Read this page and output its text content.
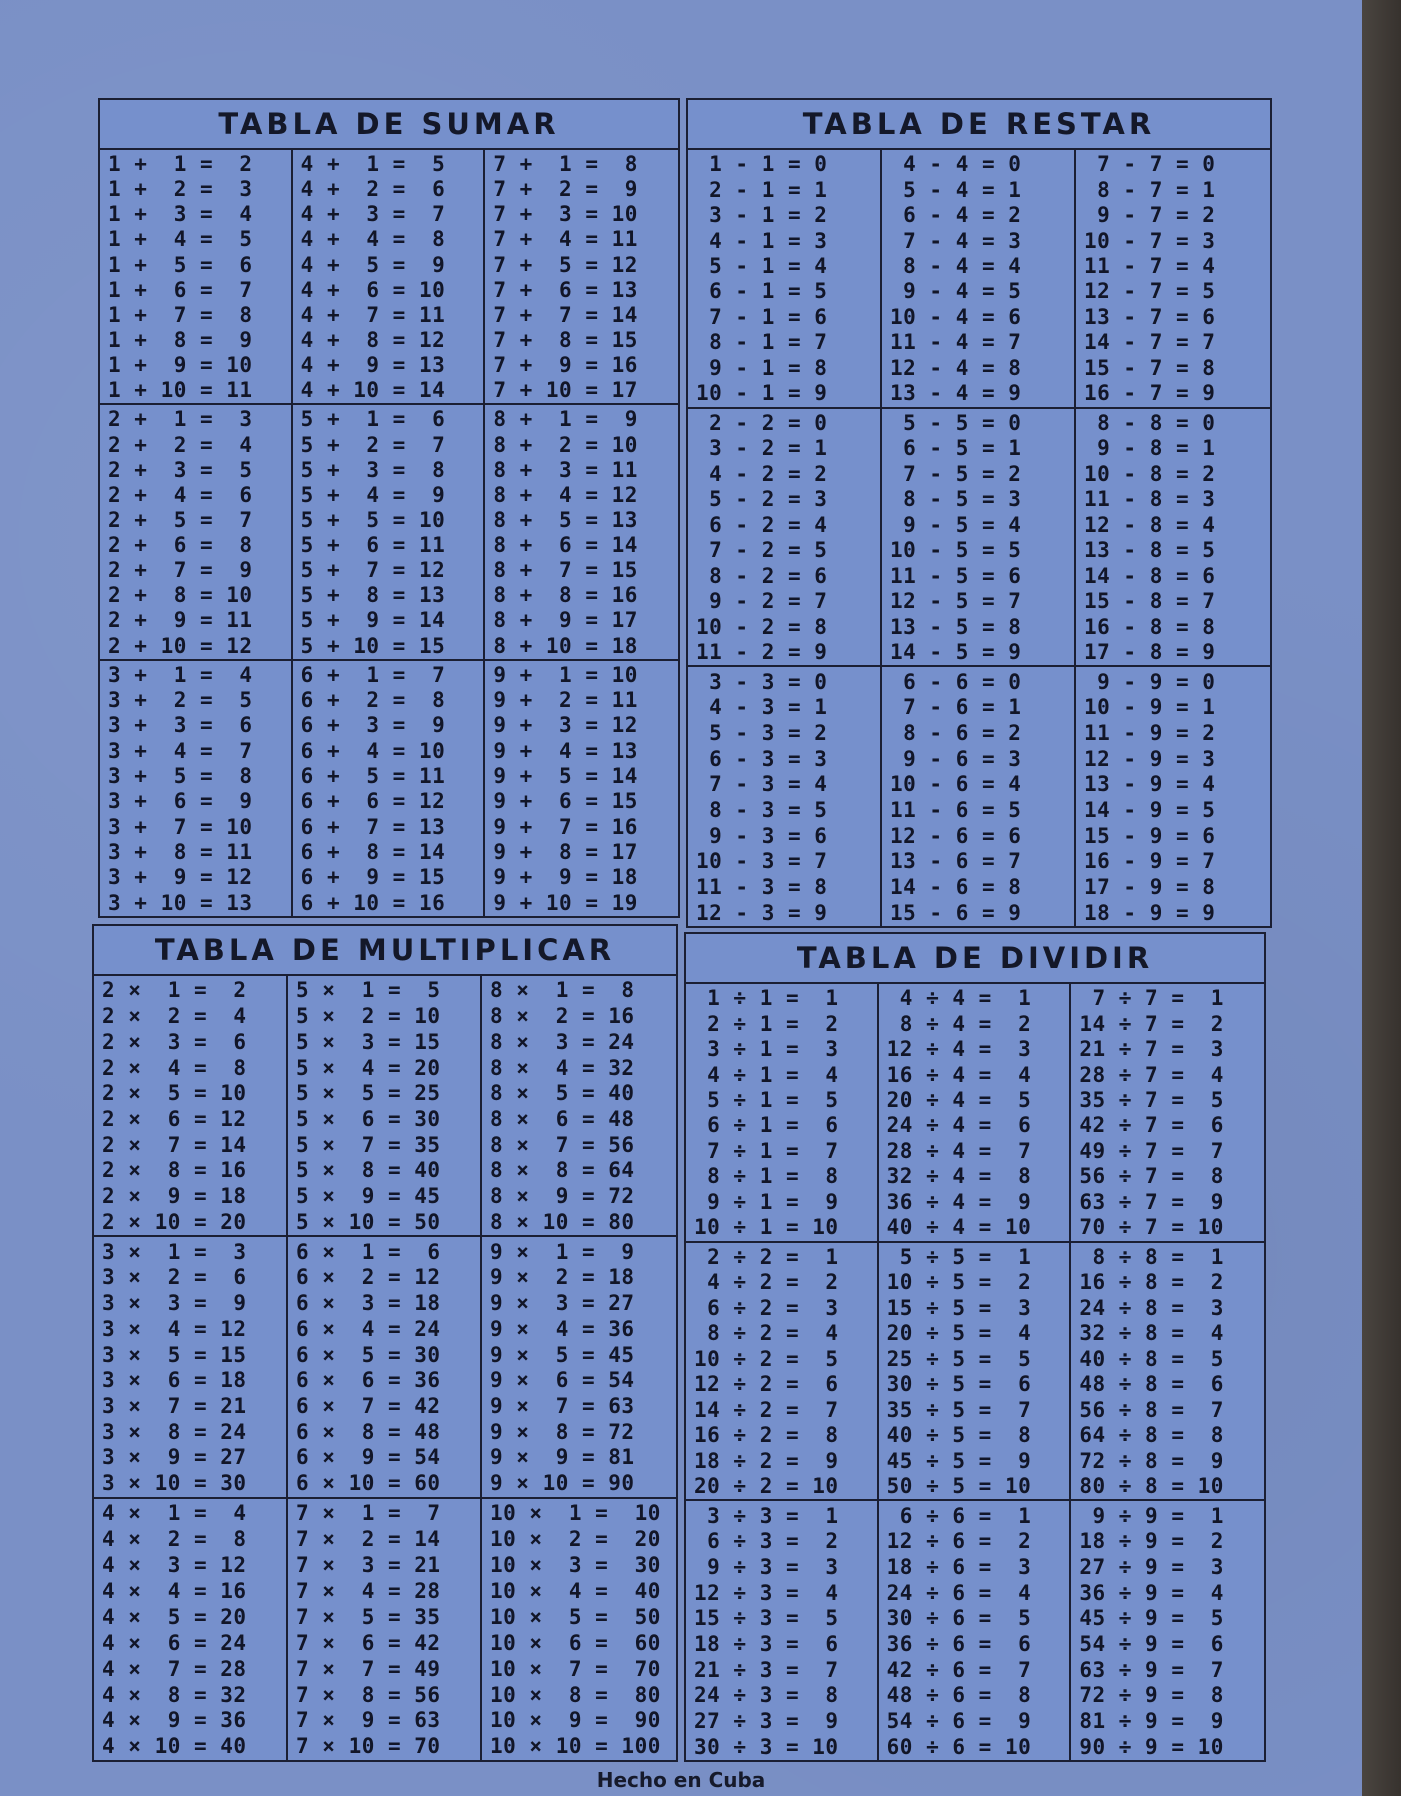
TABLA DE SUMAR
1 +  1 =  2
1 +  2 =  3
1 +  3 =  4
1 +  4 =  5
1 +  5 =  6
1 +  6 =  7
1 +  7 =  8
1 +  8 =  9
1 +  9 = 10
1 + 10 = 11
4 +  1 =  5
4 +  2 =  6
4 +  3 =  7
4 +  4 =  8
4 +  5 =  9
4 +  6 = 10
4 +  7 = 11
4 +  8 = 12
4 +  9 = 13
4 + 10 = 14
7 +  1 =  8
7 +  2 =  9
7 +  3 = 10
7 +  4 = 11
7 +  5 = 12
7 +  6 = 13
7 +  7 = 14
7 +  8 = 15
7 +  9 = 16
7 + 10 = 17
2 +  1 =  3
2 +  2 =  4
2 +  3 =  5
2 +  4 =  6
2 +  5 =  7
2 +  6 =  8
2 +  7 =  9
2 +  8 = 10
2 +  9 = 11
2 + 10 = 12
5 +  1 =  6
5 +  2 =  7
5 +  3 =  8
5 +  4 =  9
5 +  5 = 10
5 +  6 = 11
5 +  7 = 12
5 +  8 = 13
5 +  9 = 14
5 + 10 = 15
8 +  1 =  9
8 +  2 = 10
8 +  3 = 11
8 +  4 = 12
8 +  5 = 13
8 +  6 = 14
8 +  7 = 15
8 +  8 = 16
8 +  9 = 17
8 + 10 = 18
3 +  1 =  4
3 +  2 =  5
3 +  3 =  6
3 +  4 =  7
3 +  5 =  8
3 +  6 =  9
3 +  7 = 10
3 +  8 = 11
3 +  9 = 12
3 + 10 = 13
6 +  1 =  7
6 +  2 =  8
6 +  3 =  9
6 +  4 = 10
6 +  5 = 11
6 +  6 = 12
6 +  7 = 13
6 +  8 = 14
6 +  9 = 15
6 + 10 = 16
9 +  1 = 10
9 +  2 = 11
9 +  3 = 12
9 +  4 = 13
9 +  5 = 14
9 +  6 = 15
9 +  7 = 16
9 +  8 = 17
9 +  9 = 18
9 + 10 = 19
TABLA DE RESTAR
1 - 1 = 0
2 - 1 = 1
3 - 1 = 2
4 - 1 = 3
5 - 1 = 4
6 - 1 = 5
7 - 1 = 6
8 - 1 = 7
9 - 1 = 8
10 - 1 = 9
4 - 4 = 0
5 - 4 = 1
6 - 4 = 2
7 - 4 = 3
8 - 4 = 4
9 - 4 = 5
10 - 4 = 6
11 - 4 = 7
12 - 4 = 8
13 - 4 = 9
7 - 7 = 0
8 - 7 = 1
9 - 7 = 2
10 - 7 = 3
11 - 7 = 4
12 - 7 = 5
13 - 7 = 6
14 - 7 = 7
15 - 7 = 8
16 - 7 = 9
2 - 2 = 0
3 - 2 = 1
4 - 2 = 2
5 - 2 = 3
6 - 2 = 4
7 - 2 = 5
8 - 2 = 6
9 - 2 = 7
10 - 2 = 8
11 - 2 = 9
5 - 5 = 0
6 - 5 = 1
7 - 5 = 2
8 - 5 = 3
9 - 5 = 4
10 - 5 = 5
11 - 5 = 6
12 - 5 = 7
13 - 5 = 8
14 - 5 = 9
8 - 8 = 0
9 - 8 = 1
10 - 8 = 2
11 - 8 = 3
12 - 8 = 4
13 - 8 = 5
14 - 8 = 6
15 - 8 = 7
16 - 8 = 8
17 - 8 = 9
3 - 3 = 0
4 - 3 = 1
5 - 3 = 2
6 - 3 = 3
7 - 3 = 4
8 - 3 = 5
9 - 3 = 6
10 - 3 = 7
11 - 3 = 8
12 - 3 = 9
6 - 6 = 0
7 - 6 = 1
8 - 6 = 2
9 - 6 = 3
10 - 6 = 4
11 - 6 = 5
12 - 6 = 6
13 - 6 = 7
14 - 6 = 8
15 - 6 = 9
9 - 9 = 0
10 - 9 = 1
11 - 9 = 2
12 - 9 = 3
13 - 9 = 4
14 - 9 = 5
15 - 9 = 6
16 - 9 = 7
17 - 9 = 8
18 - 9 = 9
TABLA DE MULTIPLICAR
2 ×  1 =  2
2 ×  2 =  4
2 ×  3 =  6
2 ×  4 =  8
2 ×  5 = 10
2 ×  6 = 12
2 ×  7 = 14
2 ×  8 = 16
2 ×  9 = 18
2 × 10 = 20
5 ×  1 =  5
5 ×  2 = 10
5 ×  3 = 15
5 ×  4 = 20
5 ×  5 = 25
5 ×  6 = 30
5 ×  7 = 35
5 ×  8 = 40
5 ×  9 = 45
5 × 10 = 50
8 ×  1 =  8
8 ×  2 = 16
8 ×  3 = 24
8 ×  4 = 32
8 ×  5 = 40
8 ×  6 = 48
8 ×  7 = 56
8 ×  8 = 64
8 ×  9 = 72
8 × 10 = 80
3 ×  1 =  3
3 ×  2 =  6
3 ×  3 =  9
3 ×  4 = 12
3 ×  5 = 15
3 ×  6 = 18
3 ×  7 = 21
3 ×  8 = 24
3 ×  9 = 27
3 × 10 = 30
6 ×  1 =  6
6 ×  2 = 12
6 ×  3 = 18
6 ×  4 = 24
6 ×  5 = 30
6 ×  6 = 36
6 ×  7 = 42
6 ×  8 = 48
6 ×  9 = 54
6 × 10 = 60
9 ×  1 =  9
9 ×  2 = 18
9 ×  3 = 27
9 ×  4 = 36
9 ×  5 = 45
9 ×  6 = 54
9 ×  7 = 63
9 ×  8 = 72
9 ×  9 = 81
9 × 10 = 90
4 ×  1 =  4
4 ×  2 =  8
4 ×  3 = 12
4 ×  4 = 16
4 ×  5 = 20
4 ×  6 = 24
4 ×  7 = 28
4 ×  8 = 32
4 ×  9 = 36
4 × 10 = 40
7 ×  1 =  7
7 ×  2 = 14
7 ×  3 = 21
7 ×  4 = 28
7 ×  5 = 35
7 ×  6 = 42
7 ×  7 = 49
7 ×  8 = 56
7 ×  9 = 63
7 × 10 = 70
10 ×  1 =  10
10 ×  2 =  20
10 ×  3 =  30
10 ×  4 =  40
10 ×  5 =  50
10 ×  6 =  60
10 ×  7 =  70
10 ×  8 =  80
10 ×  9 =  90
10 × 10 = 100
TABLA DE DIVIDIR
1 ÷ 1 =  1
2 ÷ 1 =  2
3 ÷ 1 =  3
4 ÷ 1 =  4
5 ÷ 1 =  5
6 ÷ 1 =  6
7 ÷ 1 =  7
8 ÷ 1 =  8
9 ÷ 1 =  9
10 ÷ 1 = 10
4 ÷ 4 =  1
8 ÷ 4 =  2
12 ÷ 4 =  3
16 ÷ 4 =  4
20 ÷ 4 =  5
24 ÷ 4 =  6
28 ÷ 4 =  7
32 ÷ 4 =  8
36 ÷ 4 =  9
40 ÷ 4 = 10
7 ÷ 7 =  1
14 ÷ 7 =  2
21 ÷ 7 =  3
28 ÷ 7 =  4
35 ÷ 7 =  5
42 ÷ 7 =  6
49 ÷ 7 =  7
56 ÷ 7 =  8
63 ÷ 7 =  9
70 ÷ 7 = 10
2 ÷ 2 =  1
4 ÷ 2 =  2
6 ÷ 2 =  3
8 ÷ 2 =  4
10 ÷ 2 =  5
12 ÷ 2 =  6
14 ÷ 2 =  7
16 ÷ 2 =  8
18 ÷ 2 =  9
20 ÷ 2 = 10
5 ÷ 5 =  1
10 ÷ 5 =  2
15 ÷ 5 =  3
20 ÷ 5 =  4
25 ÷ 5 =  5
30 ÷ 5 =  6
35 ÷ 5 =  7
40 ÷ 5 =  8
45 ÷ 5 =  9
50 ÷ 5 = 10
8 ÷ 8 =  1
16 ÷ 8 =  2
24 ÷ 8 =  3
32 ÷ 8 =  4
40 ÷ 8 =  5
48 ÷ 8 =  6
56 ÷ 8 =  7
64 ÷ 8 =  8
72 ÷ 8 =  9
80 ÷ 8 = 10
3 ÷ 3 =  1
6 ÷ 3 =  2
9 ÷ 3 =  3
12 ÷ 3 =  4
15 ÷ 3 =  5
18 ÷ 3 =  6
21 ÷ 3 =  7
24 ÷ 3 =  8
27 ÷ 3 =  9
30 ÷ 3 = 10
6 ÷ 6 =  1
12 ÷ 6 =  2
18 ÷ 6 =  3
24 ÷ 6 =  4
30 ÷ 6 =  5
36 ÷ 6 =  6
42 ÷ 6 =  7
48 ÷ 6 =  8
54 ÷ 6 =  9
60 ÷ 6 = 10
9 ÷ 9 =  1
18 ÷ 9 =  2
27 ÷ 9 =  3
36 ÷ 9 =  4
45 ÷ 9 =  5
54 ÷ 9 =  6
63 ÷ 9 =  7
72 ÷ 9 =  8
81 ÷ 9 =  9
90 ÷ 9 = 10
Hecho en Cuba
